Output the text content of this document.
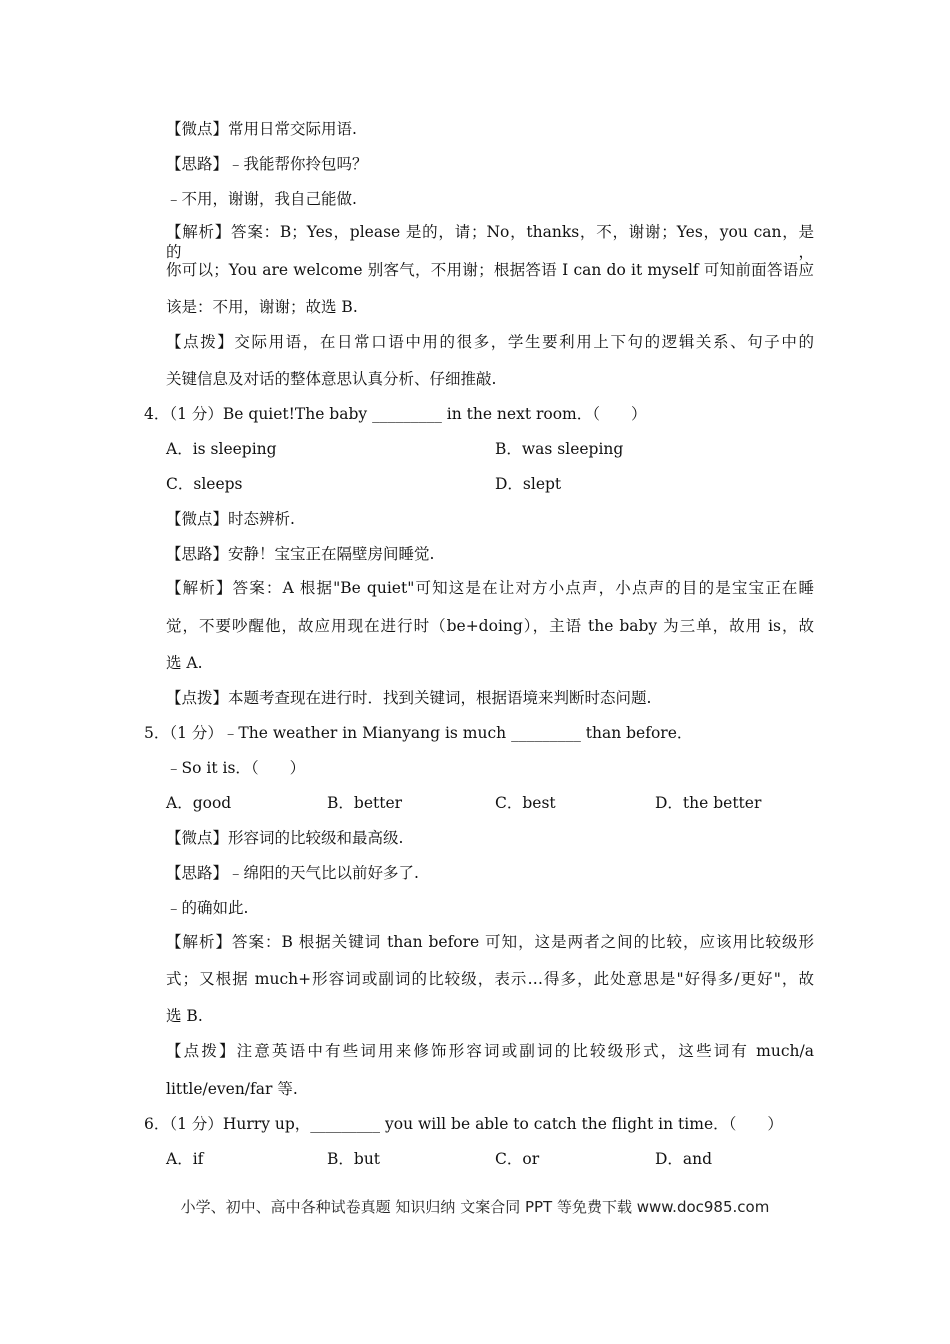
【微点】常用日常交际用语.
【思路】﹣我能帮你拎包吗？
﹣不用，谢谢，我自己能做.
【解析】答案：B；Yes，please 是的，请；No，thanks，不，谢谢；Yes，you can，是的，
你可以；You are welcome 别客气，不用谢；根据答语 I can do it myself 可知前面答语应
该是：不用，谢谢；故选 B.
【点拨】交际用语，在日常口语中用的很多，学生要利用上下句的逻辑关系、句子中的
关键信息及对话的整体意思认真分析、仔细推敲.
4．（1 分）Be quiet!The baby _________ in the next room．（　　）
A．is sleeping	B．was sleeping
C．sleeps	D．slept
【微点】时态辨析.
【思路】安静！宝宝正在隔壁房间睡觉.
【解析】答案：A 根据"Be quiet"可知这是在让对方小点声，小点声的目的是宝宝正在睡
觉，不要吵醒他，故应用现在进行时（be+doing），主语 the baby 为三单，故用 is，故
选 A.
【点拨】本题考查现在进行时．找到关键词，根据语境来判断时态问题.
5．（1 分）﹣The weather in Mianyang is much _________ than before．
﹣So it is．（　　）
A．good	B．better	C．best	D．the better
【微点】形容词的比较级和最高级.
【思路】﹣绵阳的天气比以前好多了.
﹣的确如此.
【解析】答案：B 根据关键词 than before 可知，这是两者之间的比较，应该用比较级形
式；又根据 much+形容词或副词的比较级，表示…得多，此处意思是"好得多/更好"，故
选 B.
【点拨】注意英语中有些词用来修饰形容词或副词的比较级形式，这些词有 much/a
little/even/far 等.
6．（1 分）Hurry up，_________ you will be able to catch the flight in time．（　　）
A．if	B．but	C．or	D．and
小学、初中、高中各种试卷真题 知识归纳 文案合同 PPT 等免费下载 www.doc985.com
